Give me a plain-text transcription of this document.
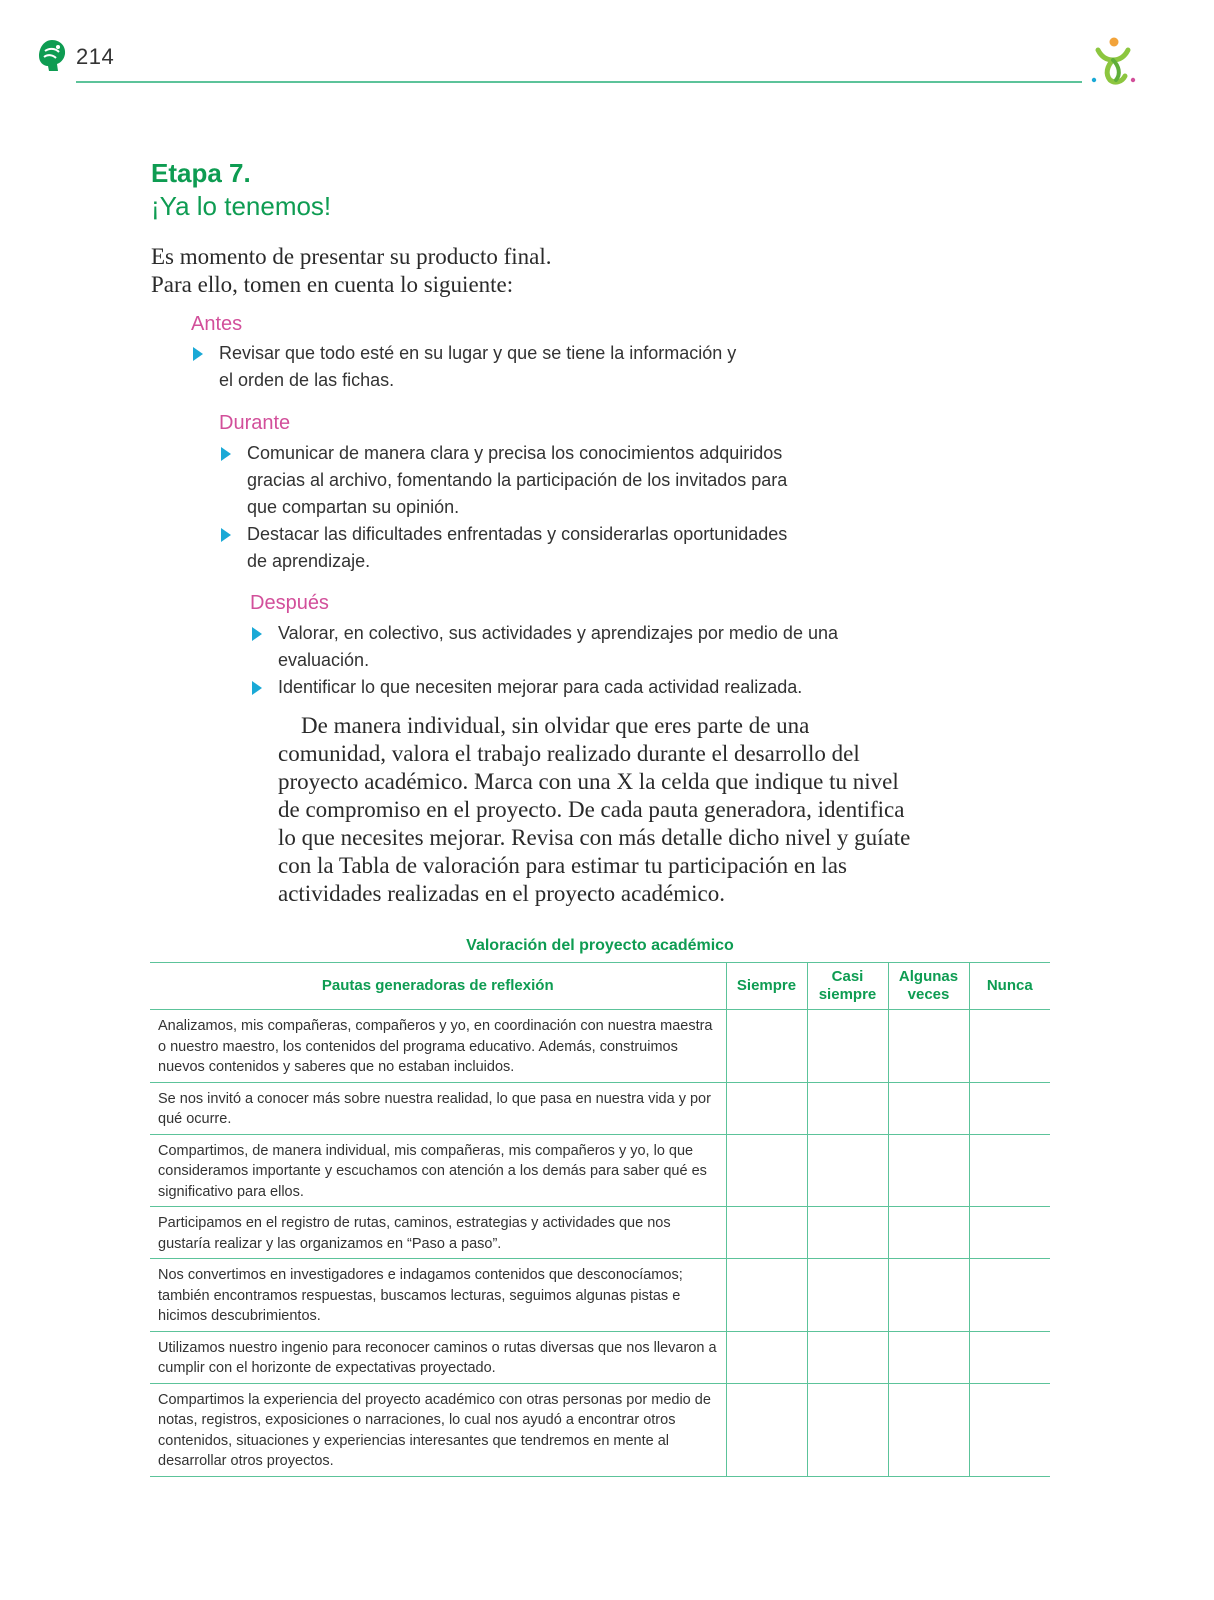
214
Etapa 7.
¡Ya lo tenemos!
Es momento de presentar su producto final.
Para ello, tomen en cuenta lo siguiente:
Antes
Revisar que todo esté en su lugar y que se tiene la información y el orden de las fichas.
Durante
Comunicar de manera clara y precisa los conocimientos adquiridos gracias al archivo, fomentando la participación de los invitados para que compartan su opinión.
Destacar las dificultades enfrentadas y considerarlas oportunidades de aprendizaje.
Después
Valorar, en colectivo, sus actividades y aprendizajes por medio de una evaluación.
Identificar lo que necesiten mejorar para cada actividad realizada.
De manera individual, sin olvidar que eres parte de una comunidad, valora el trabajo realizado durante el desarrollo del proyecto académico. Marca con una X la celda que indique tu nivel de compromiso en el proyecto. De cada pauta generadora, identifica lo que necesites mejorar. Revisa con más detalle dicho nivel y guíate con la Tabla de valoración para estimar tu participación en las actividades realizadas en el proyecto académico.
Valoración del proyecto académico
Pautas generadoras de reflexión	Siempre	Casi siempre	Algunas veces	Nunca
Analizamos, mis compañeras, compañeros y yo, en coordinación con nuestra maestra o nuestro maestro, los contenidos del programa educativo. Además, construimos nuevos contenidos y saberes que no estaban incluidos.				
Se nos invitó a conocer más sobre nuestra realidad, lo que pasa en nuestra vida y por qué ocurre.				
Compartimos, de manera individual, mis compañeras, mis compañeros y yo, lo que consideramos importante y escuchamos con atención a los demás para saber qué es significativo para ellos.				
Participamos en el registro de rutas, caminos, estrategias y actividades que nos gustaría realizar y las organizamos en “Paso a paso”.				
Nos convertimos en investigadores e indagamos contenidos que desconocíamos; también encontramos respuestas, buscamos lecturas, seguimos algunas pistas e hicimos descubrimientos.				
Utilizamos nuestro ingenio para reconocer caminos o rutas diversas que nos llevaron a cumplir con el horizonte de expectativas proyectado.				
Compartimos la experiencia del proyecto académico con otras personas por medio de notas, registros, exposiciones o narraciones, lo cual nos ayudó a encontrar otros contenidos, situaciones y experiencias interesantes que tendremos en mente al desarrollar otros proyectos.				
